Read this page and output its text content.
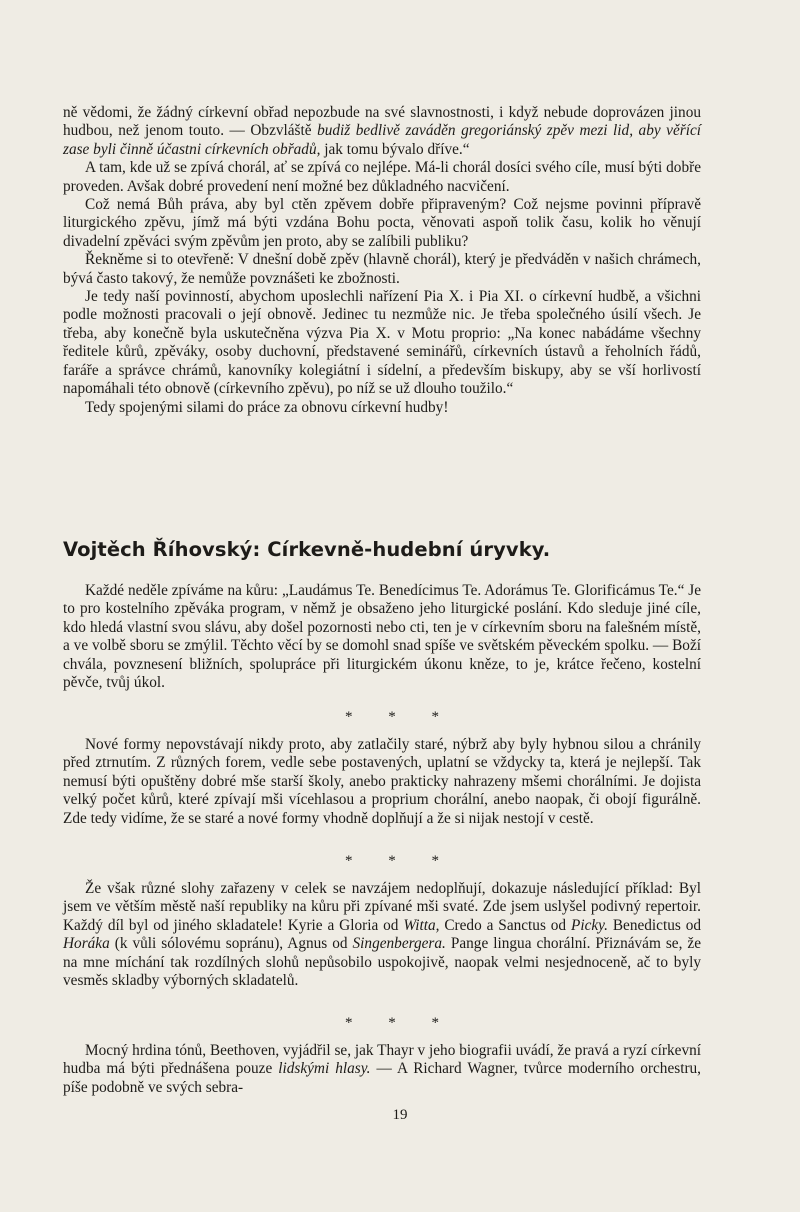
ně vědomi, že žádný církevní obřad nepozbude na své slavnostnosti, i když nebude doprovázen jinou hudbou, než jenom touto. — Obzvláště budiž bedlivě zaváděn gregoriánský zpěv mezi lid, aby věřící zase byli činně účastni církevních obřadů, jak tomu bývalo dříve.“

A tam, kde už se zpívá chorál, ať se zpívá co nejlépe. Má-li chorál dosíci svého cíle, musí býti dobře proveden. Avšak dobré provedení není možné bez důkladného nacvičení.

Což nemá Bůh práva, aby byl ctěn zpěvem dobře připraveným? Což nejsme povinni přípravě liturgického zpěvu, jímž má býti vzdána Bohu pocta, věnovati aspoň tolik času, kolik ho věnují divadelní zpěváci svým zpěvům jen proto, aby se zalíbili publiku?

Řekněme si to otevřeně: V dnešní době zpěv (hlavně chorál), který je předváděn v našich chrámech, bývá často takový, že nemůže povznášeti ke zbožnosti.

Je tedy naší povinností, abychom uposlechli nařízení Pia X. i Pia XI. o církevní hudbě, a všichni podle možnosti pracovali o její obnově. Jedinec tu nezmůže nic. Je třeba společného úsilí všech. Je třeba, aby konečně byla uskutečněna výzva Pia X. v Motu propriо: „Na konec nabádáme všechny ředitele kůrů, zpěváky, osoby duchovní, představené seminářů, církevních ústavů a řeholních řádů, faráře a správce chrámů, kanovníky kolegiátní i sídelní, a především biskupy, aby se vší horlivostí napomáhali této obnově (církevního zpěvu), po níž se už dlouho toužilo.“

Tedy spojenými silami do práce za obnovu církevní hudby!

Vojtěch Říhovský: Církevně-hudební úryvky.

Každé neděle zpíváme na kůru: „Laudámus Te. Benedícimus Te. Adorámus Te. Glorificámus Te.“ Je to pro kostelního zpěváka program, v němž je obsaženo jeho liturgické poslání. Kdo sleduje jiné cíle, kdo hledá vlastní svou slávu, aby došel pozornosti nebo cti, ten je v církevním sboru na falešném místě, a ve volbě sboru se zmýlil. Těchto věcí by se domohl snad spíše ve světském pěveckém spolku. — Boží chvála, povznesení bližních, spolupráce při liturgickém úkonu kněze, to je, krátce řečeno, kostelní pěvče, tvůj úkol.

* * *

Nové formy nepovstávají nikdy proto, aby zatlačily staré, nýbrž aby byly hybnou silou a chránily před ztrnutím. Z různých forem, vedle sebe postavených, uplatní se vždycky ta, která je nejlepší. Tak nemusí býti opuštěny dobré mše starší školy, anebo prakticky nahrazeny mšemi chorálními. Je dojista velký počet kůrů, které zpívají mši vícehlasou a proprium chorální, anebo naopak, či obojí figurálně. Zde tedy vidíme, že se staré a nové formy vhodně doplňují a že si nijak nestojí v cestě.

* * *

Že však různé slohy zařazeny v celek se navzájem nedoplňují, dokazuje následující příklad: Byl jsem ve větším městě naší republiky na kůru při zpívané mši svaté. Zde jsem uslyšel podivný repertoir. Každý díl byl od jiného skladatele! Kyrie a Gloria od Witta, Credo a Sanctus od Picky. Benedictus od Horáka (k vůli sólovému sopránu), Agnus od Singenbergera. Pange lingua chorální. Přiznávám se, že na mne míchání tak rozdílných slohů nepůsobilo uspokojivě, naopak velmi nesjednoceně, ač to byly vesměs skladby výborných skladatelů.

* * *

Mocný hrdina tónů, Beethoven, vyjádřil se, jak Thayr v jeho biografii uvádí, že pravá a ryzí církevní hudba má býti přednášena pouze lidskými hlasy. — A Richard Wagner, tvůrce moderního orchestru, píše podobně ve svých sebra-

19
